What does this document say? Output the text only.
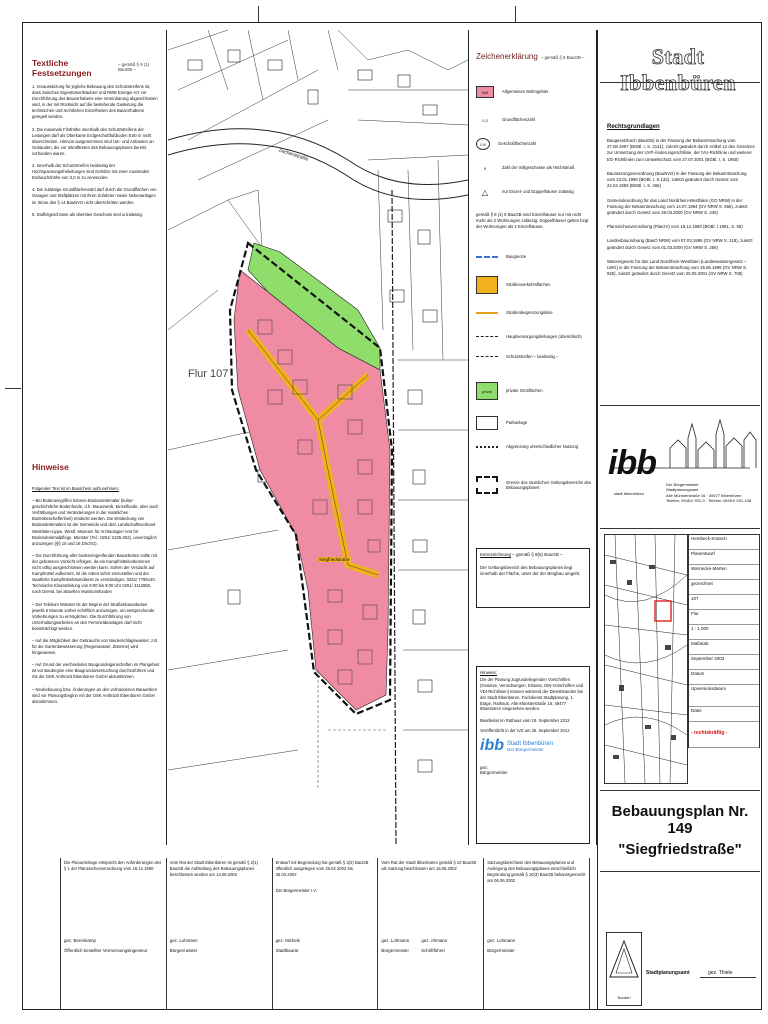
Textliche Festsetzungen
– gemäß § 9 (1) BauGB –

1. Voraussetzung für jegliche Bebauung des Schutzstreifens ist, dass zwischen Eigentümer/Bauherr und RWE Energie AG vor Durchführung des Bauvorhabens eine Vereinbarung abgeschlossen wird, in der mit Rücksicht auf die bestehende Gasleitung die technischen und rechtlichen Einzelheiten des Bauvorhabens geregelt werden.

2. Die maximale Firsthöhe innerhalb des Schutzstreifens der Leitungen darf als Oberkante Erdgeschoßfußboden 8,50 m nicht überschreiten. Hiervon ausgenommen sind Um- und Anbauten an Gebäuden, die vor Inkrafttreten des Bebauungsplanes bereits vorhanden waren.

3. Innerhalb der Schutzstreifen beidseitig der Hochspannungsfreileitungen sind Gehölze mit einer maximalen Endwuchshöhe von 3,0 m zu verwenden.

4. Die zulässige Grundflächenzahl darf durch die Grundflächen von Garagen und Stellplätzen mit ihren Zufahrten sowie Nebenanlagen im Sinne des § 14 BauNVO nicht überschritten werden.

5. Staffelgeschosse als oberstes Geschoss sind unzulässig.

Hinweise

Folgender Text ist im Bauschein aufzunehmen:

– Bei Bodeneingriffen können Bodendenkmäler (kultur-geschichtliche Bodenfunde, d.h. Mauerwerk, Einzelfunde, aber auch Verfärbungen und Veränderungen in der natürlichen Bodenbeschaffenheit) entdeckt werden. Die Entdeckung von Bodendenkmälern ist der Gemeinde und dem Landschaftsverband Westfalen-Lippe, Westf. Museum für Archäologie/ Amt für Bodendenkmalpflege, Münster (Tel.: 0251/ 2105-252), unverzüglich anzuzeigen (§§ 15 und 16 DSchG).

– Die Durchführung aller bodeneingreifenden Bauarbeiten sollte mit der gebotenen Vorsicht erfolgen, da ein Kampfmittelvorkommen nicht völlig ausgeschlossen werden kann. Sofern der Verdacht auf Kampfmittel aufkommt, ist die Arbeit sofort einzustellen und der staatliche Kampfmittelräumdienst zu verständigen, 0251/ 7795140. Technische Einsatzleitung von 8:00 bis 9:00 Uhr 0251/ 4112655, nach Dienst, bei aktuellen Munitionsfunden

– Der Telekom Münster ist der Beginn der Straßenbauarbeiten jeweils 6 Monate vorher schriftlich anzuzeigen, um entsprechende Vorkehrungen zu ermöglichen. Die Durchführung von Unterhaltungsarbeiten an den Fernmeldeanlagen darf nicht beeinträchtigt werden.

– Auf die Möglichkeit des Gebrauchs von Niederschlagswasser, z.B. für die Gartenbewässerung (Regenwasser, Zisterne) wird hingewiesen.

– Auf Grund der wechselnden Baugrundeigenschaften im Plangebiet ist vor Baubeginn eine Baugrunduntersuchung durchzuführen und mit der DSK Anthrazit Ibbenbüren GmbH abzustimmen.

– Neubebauung bzw. Änderungen an den vorhandenen Bauwerken sind vor Planungsbeginn mit der DSK Anthrazit Ibbenbüren GmbH abzustimmen.

Flur 107
Siegfriedstraße
Zechenstraße
Zeichenerklärung – gemäß § 9 BauGB –
WA	Allgemeines Wohngebiet
0,3	Grundflächenzahl
0,6	Geschoßflächenzahl
II	Zahl der Vollgeschosse als Höchstmaß
△	nur Einzel- und Doppelhäuser zulässig

gemäß § 9 (1) 6 BauGB sind Einzelhäuser nur mit nicht mehr als 2 Wohnungen zulässig, Doppelhäuser gelten bzgl. der Wohnungen als 2 Einzelhäuser.

Baugrenze
Straßenverkehrsflächen
Straßenbegrenzungslinie
Hauptversorgungsleitungen (oberirdisch)
Schutzstreifen – beidseitig –
privat	private Grünflächen
Parkanlage
Abgrenzung unterschiedlicher Nutzung
Grenze des räumlichen Geltungsbereichs des Bebauungsplanes
Kennzeichnung – gemäß § 9(5) BauGB –

Der Geltungsbereich des Bebauungsplanes liegt innerhalb der Fläche, unter der der Bergbau umgeht.

Hinweis:

Die der Planung zugrundeliegenden Vorschriften (Gesetze, Verordnungen, Erlasse, DIN-Vorschriften und VDI-Richtlinien) können während der Dienststunden bei der Stadt Ibbenbüren, Fachdienst Stadtplanung, 1. Etage, Rathaus, Alte Münsterstraße 16, 49477 Ibbenbüren eingesehen werden.

Bearbeitet im Rathaus vom 19. September 2012
Veröffentlicht in der IVZ am 25. September 2012
ibb Stadt Ibbenbüren
Der Bürgermeister
gez.
Bürgermeister
Stadt Ibbenbüren
Rechtsgrundlagen
Baugesetzbuch (BauGB) in der Fassung der Bekanntmachung vom 27.08.1997 (BGBl. I, S. 2141), zuletzt geändert durch Artikel 12 des Gesetzes zur Umsetzung der UVP-Änderungsrichtlinie, der IVU-Richtlinie und weiterer EG-Richtlinien zum Umweltschutz vom 27.07.2001 (BGBl. I, S. 1950)
Baunutzungsverordnung (BauNVO) in der Fassung der Bekanntmachung vom 23.01.1990 (BGBl. I, S.132), zuletzt geändert durch Gesetz vom 22.04.1993 (BGBl. I, S. 466)
Gemeindeordnung für das Land Nordrhein-Westfalen (GO NRW) in der Fassung der Bekanntmachung vom 14.07.1994 (GV NRW S. 666), zuletzt geändert durch Gesetz vom 28.03.2000 (GV NRW S. 245)
Planzeichenverordnung (PlanzV) vom 18.12.1990 (BGBl. I 1991, S. 58)
Landesbauordnung (BauO NRW) vom 07.03.1995 (GV NRW S. 218), zuletzt geändert durch Gesetz vom 01.03.2000 (GV NRW S. 256)
Wassergesetz für das Land Nordrhein-Westfalen (Landeswassergesetz – LWG) in der Fassung der Bekanntmachung vom 25.06.1995 (GV NRW S. 926), zuletzt geändert durch Gesetz vom 25.09.2001 (GV NRW S. 708)
ibb
stadt ibbenbüren
Der Bürgermeister
Stadtplanungsamt
Alte Münsterstraße 16 · 49477 Ibbenbüren
Telefon: 05451/ 931-0 · Telefax: 05451/ 931-198
Hembeck-Kratsch
Planentwurf
Warnecke-Marten
gezeichnet
107
Flur
1 : 1.000
Maßstab
September 2003
Datum
Upversionsdatum
Datei
- rechtskräftig -
Bebauungsplan Nr. 149
"Siegfriedstraße"
Die Planunterlage entspricht den Anforderungen des § 1 der Planzeichenverordnung vom 18.12.1990
gez. Berenkamp
Öffentlich bestellter Vermessungsingenieur
Vom Rat der Stadt Ibbenbüren ist gemäß § 2(1) BauGB die Aufstellung des Bebauungsplanes beschlossen worden am 14.08.2002
gez. Lohmann
Bürgermeister
Entwurf mit Begründung hat gemäß § 3(2) BauGB öffentlich ausgelegen vom 25.02.2002 bis 25.03.2002
Der Bürgermeister I.V.
gez. Michels
Stadtbaurat
Vom Rat der Stadt Ibbenbüren gemäß § 10 BauGB als Satzung beschlossen am 15.05.2002
gez. Lohmann          gez. Ahmann
Bürgermeister          Schriftführer
Satzungsbeschluss des Bebauungsplanes und Auslegung des Bebauungsplanes einschließlich Begründung gemäß § 10(3) BauGB bekanntgemacht am 06.06.2002
gez. Lohmann
Bürgermeister
Norden
Stadtplanungsamt	gez. Thiele
